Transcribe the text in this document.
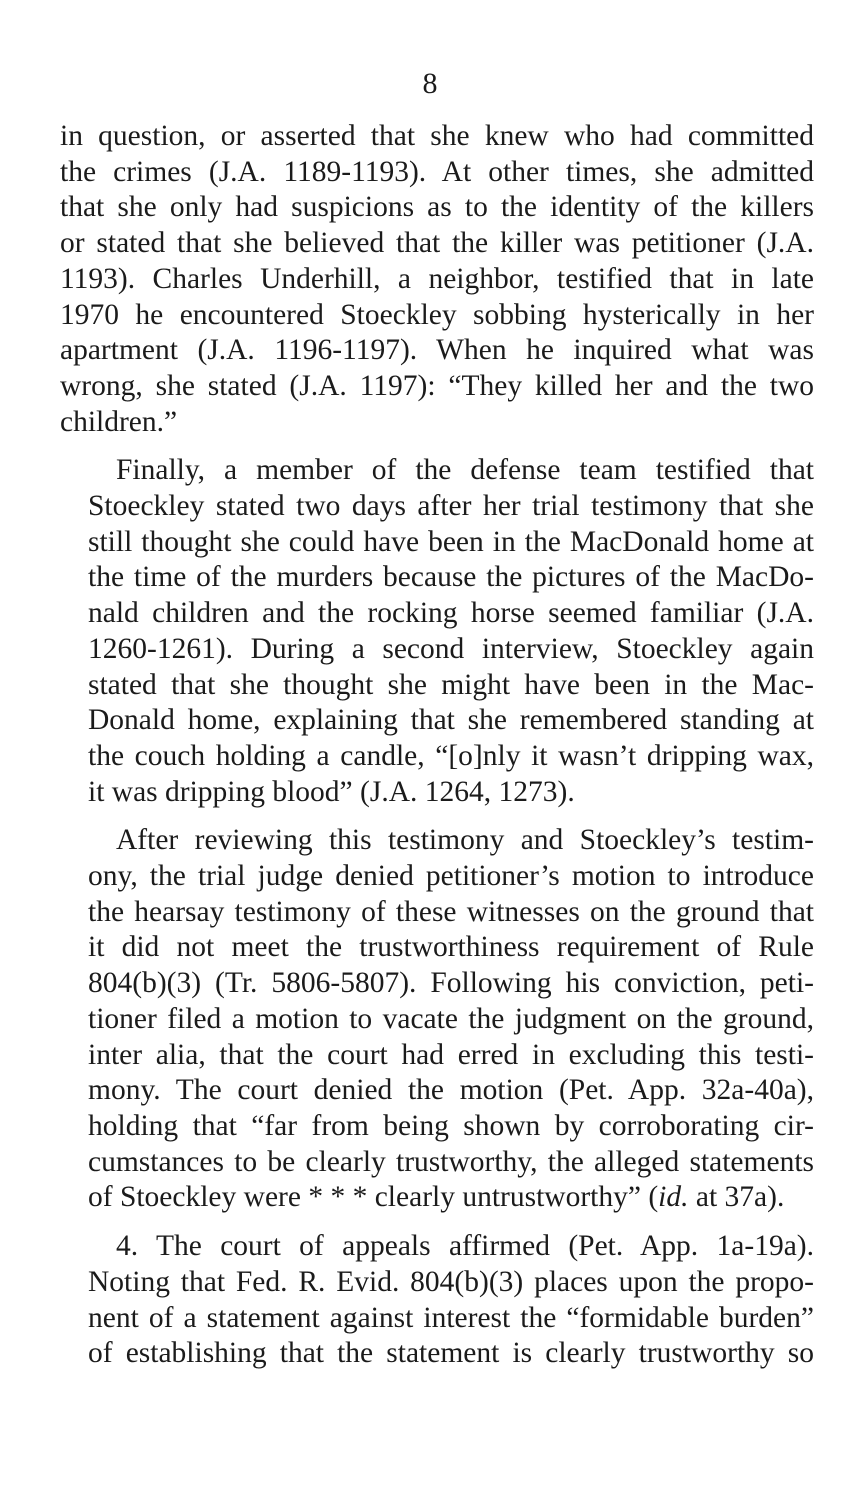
8

in question, or asserted that she knew who had committed
the crimes (J.A. 1189-1193). At other times, she admitted
that she only had suspicions as to the identity of the killers
or stated that she believed that the killer was petitioner (J.A.
1193). Charles Underhill, a neighbor, testified that in late
1970 he encountered Stoeckley sobbing hysterically in her
apartment (J.A. 1196-1197). When he inquired what was
wrong, she stated (J.A. 1197): “They killed her and the two
children.”

Finally, a member of the defense team testified that
Stoeckley stated two days after her trial testimony that she
still thought she could have been in the MacDonald home at
the time of the murders because the pictures of the MacDo-
nald children and the rocking horse seemed familiar (J.A.
1260-1261). During a second interview, Stoeckley again
stated that she thought she might have been in the Mac-
Donald home, explaining that she remembered standing at
the couch holding a candle, “[o]nly it wasn’t dripping wax,
it was dripping blood” (J.A. 1264, 1273).

After reviewing this testimony and Stoeckley’s testim-
ony, the trial judge denied petitioner’s motion to introduce
the hearsay testimony of these witnesses on the ground that
it did not meet the trustworthiness requirement of Rule
804(b)(3) (Tr. 5806-5807). Following his conviction, peti-
tioner filed a motion to vacate the judgment on the ground,
inter alia, that the court had erred in excluding this testi-
mony. The court denied the motion (Pet. App. 32a-40a),
holding that “far from being shown by corroborating cir-
cumstances to be clearly trustworthy, the alleged statements
of Stoeckley were * * * clearly untrustworthy” (id. at 37a).

4. The court of appeals affirmed (Pet. App. 1a-19a).
Noting that Fed. R. Evid. 804(b)(3) places upon the propo-
nent of a statement against interest the “formidable burden”
of establishing that the statement is clearly trustworthy so
